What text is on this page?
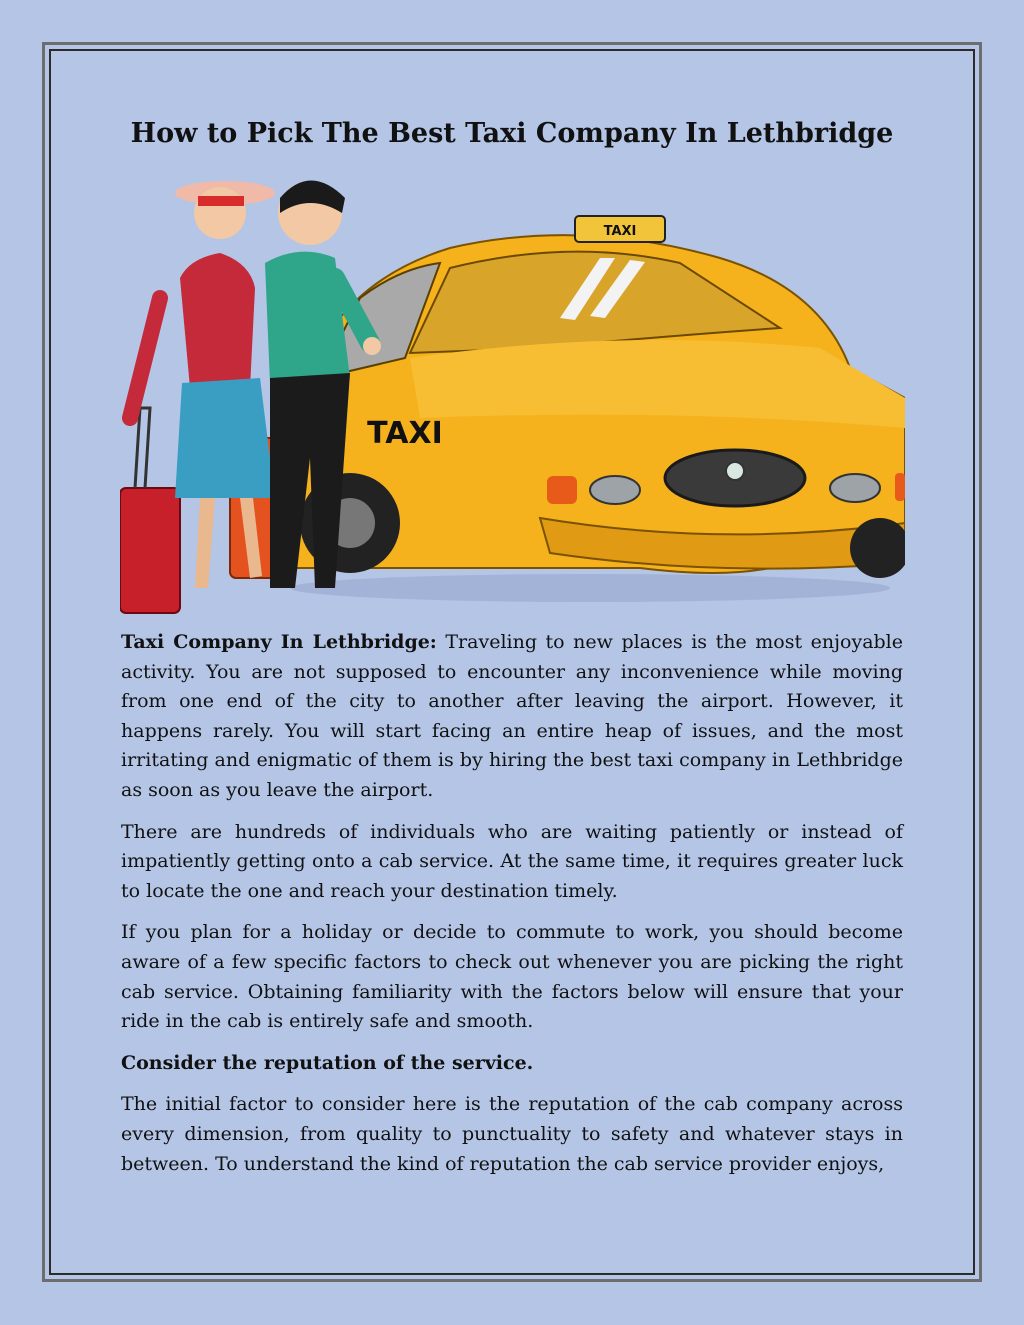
How to Pick The Best Taxi Company In Lethbridge
TAXI
TAXI

Taxi Company In Lethbridge: Traveling to new places is the most enjoyable activity. You are not supposed to encounter any inconvenience while moving from one end of the city to another after leaving the airport. However, it happens rarely. You will start facing an entire heap of issues, and the most irritating and enigmatic of them is by hiring the best taxi company in Lethbridge as soon as you leave the airport.

There are hundreds of individuals who are waiting patiently or instead of impatiently getting onto a cab service. At the same time, it requires greater luck to locate the one and reach your destination timely.

If you plan for a holiday or decide to commute to work, you should become aware of a few specific factors to check out whenever you are picking the right cab service. Obtaining familiarity with the factors below will ensure that your ride in the cab is entirely safe and smooth.

Consider the reputation of the service.

The initial factor to consider here is the reputation of the cab company across every dimension, from quality to punctuality to safety and whatever stays in between. To understand the kind of reputation the cab service provider enjoys,
